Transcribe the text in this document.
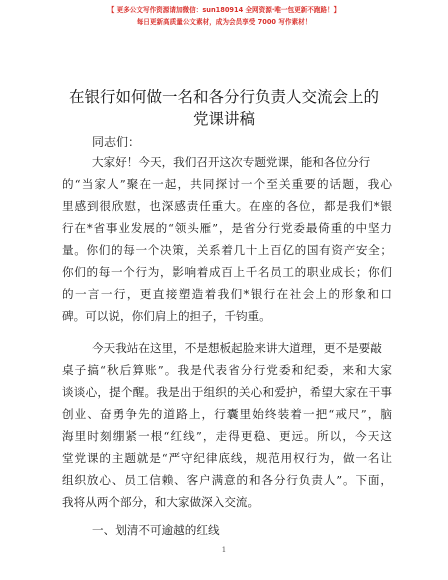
【 更多公文写作资源请加微信：sun180914 全网资源·唯一包更新不跑路！】
每日更新高质量公文素材，成为会员享受 7000 写作素材！
在银行如何做一名和各分行负责人交流会上的
党课讲稿
同志们：
大家好！今天，我们召开这次专题党课，能和各位分行
的“当家人”聚在一起，共同探讨一个至关重要的话题，我心
里感到很欣慰，也深感责任重大。在座的各位，都是我们*银
行在*省事业发展的“领头雁”，是省分行党委最倚重的中坚力
量。你们的每一个决策，关系着几十上百亿的国有资产安全；
你们的每一个行为，影响着成百上千名员工的职业成长；你们
的一言一行，更直接塑造着我们*银行在社会上的形象和口
碑。可以说，你们肩上的担子，千钧重。
今天我站在这里，不是想板起脸来讲大道理，更不是要敲
桌子搞“秋后算账”。我是代表省分行党委和纪委，来和大家
谈谈心，提个醒。我是出于组织的关心和爱护，希望大家在干事
创业、奋勇争先的道路上，行囊里始终装着一把“戒尺”，脑
海里时刻绷紧一根“红线”，走得更稳、更远。所以，今天这
堂党课的主题就是“严守纪律底线，规范用权行为，做一名让
组织放心、员工信赖、客户满意的和各分行负责人”。下面，
我将从两个部分，和大家做深入交流。
一、划清不可逾越的红线
1
